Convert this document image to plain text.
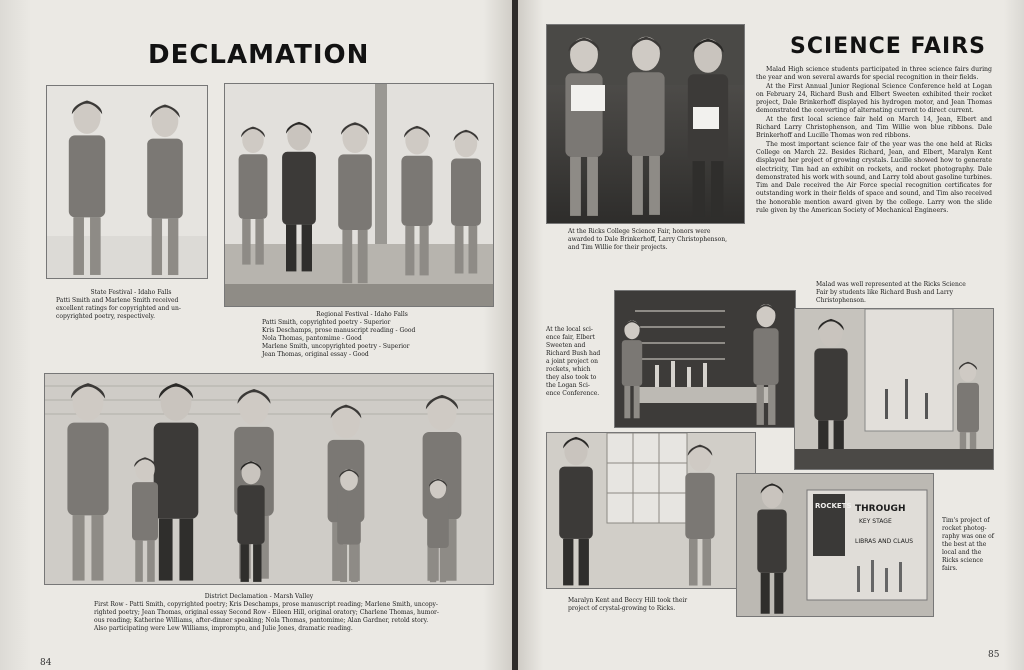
DECLAMATION

State Festival - Idaho Falls

Patti Smith and Marlene Smith received

excellent ratings for copyrighted and un-

copyrighted poetry, respectively.	Regional Festival - Idaho Falls

Patti Smith, copyrighted poetry - Superior

Kris Deschamps, prose manuscript reading - Good

Nola Thomas, pantomime - Good

Marlene Smith, uncopyrighted poetry - Superior

Jean Thomas, original essay - Good

District Declamation - Marsh Valley

First Row - Patti Smith, copyrighted poetry; Kris Deschamps, prose manuscript reading; Marlene Smith, uncopy-

righted poetry; Jean Thomas, original essay Second Row - Eileen Hill, original oratory; Charlene Thomas, humor-

ous reading; Katherine Williams, after-dinner speaking; Nola Thomas, pantomime; Alan Gardner, retold story.

Also participating were Lew Williams, impromptu, and Julie Jones, dramatic reading.

84
SCIENCE FAIRS

At the Ricks College Science Fair, honors were

awarded to Dale Brinkerhoff, Larry Christophenson,

and Tim Willie for their projects.

Malad High science students participated in three science fairs during the year and won several awards for special recognition in their fields.

At the First Annual Junior Regional Science Conference held at Logan on February 24, Richard Bush and Elbert Sweeten exhibited their rocket project, Dale Brinkerhoff displayed his hydrogen motor, and Jean Thomas demonstrated the converting of alternating current to direct current.

At the first local science fair held on March 14, Jean, Elbert and Richard Larry Christophenson, and Tim Willie won blue ribbons. Dale Brinkerhoff and Lucille Thomas won red ribbons.

The most important science fair of the year was the one held at Ricks College on March 22. Besides Richard, Jean, and Elbert, Maralyn Kent displayed her project of growing crystals. Lucille showed how to generate electricity, Tim had an exhibit on rockets, and rocket photography. Dale demonstrated his work with sound, and Larry told about gasoline turbines. Tim and Dale received the Air Force special recognition certificates for outstanding work in their fields of space and sound, and Tim also received the honorable mention award given by the college. Larry won the slide rule given by the American Society of Mechanical Engineers.

Malad was well represented at the Ricks Science

Fair by students like Richard Bush and Larry

Christophenson.

At the local sci-

ence fair, Elbert

Sweeten and

Richard Bush had

a joint project on

rockets, which

they also took to

the Logan Sci-

ence Conference.

Maralyn Kent and Beccy Hill took their

project of crystal-growing to Ricks.

ROCKETS THROUGH
KEY STAGE
LIBRAS AND CLAUS

Tim's project of

rocket photog-

raphy was one of

the best at the

local and the

Ricks science

fairs.

85
